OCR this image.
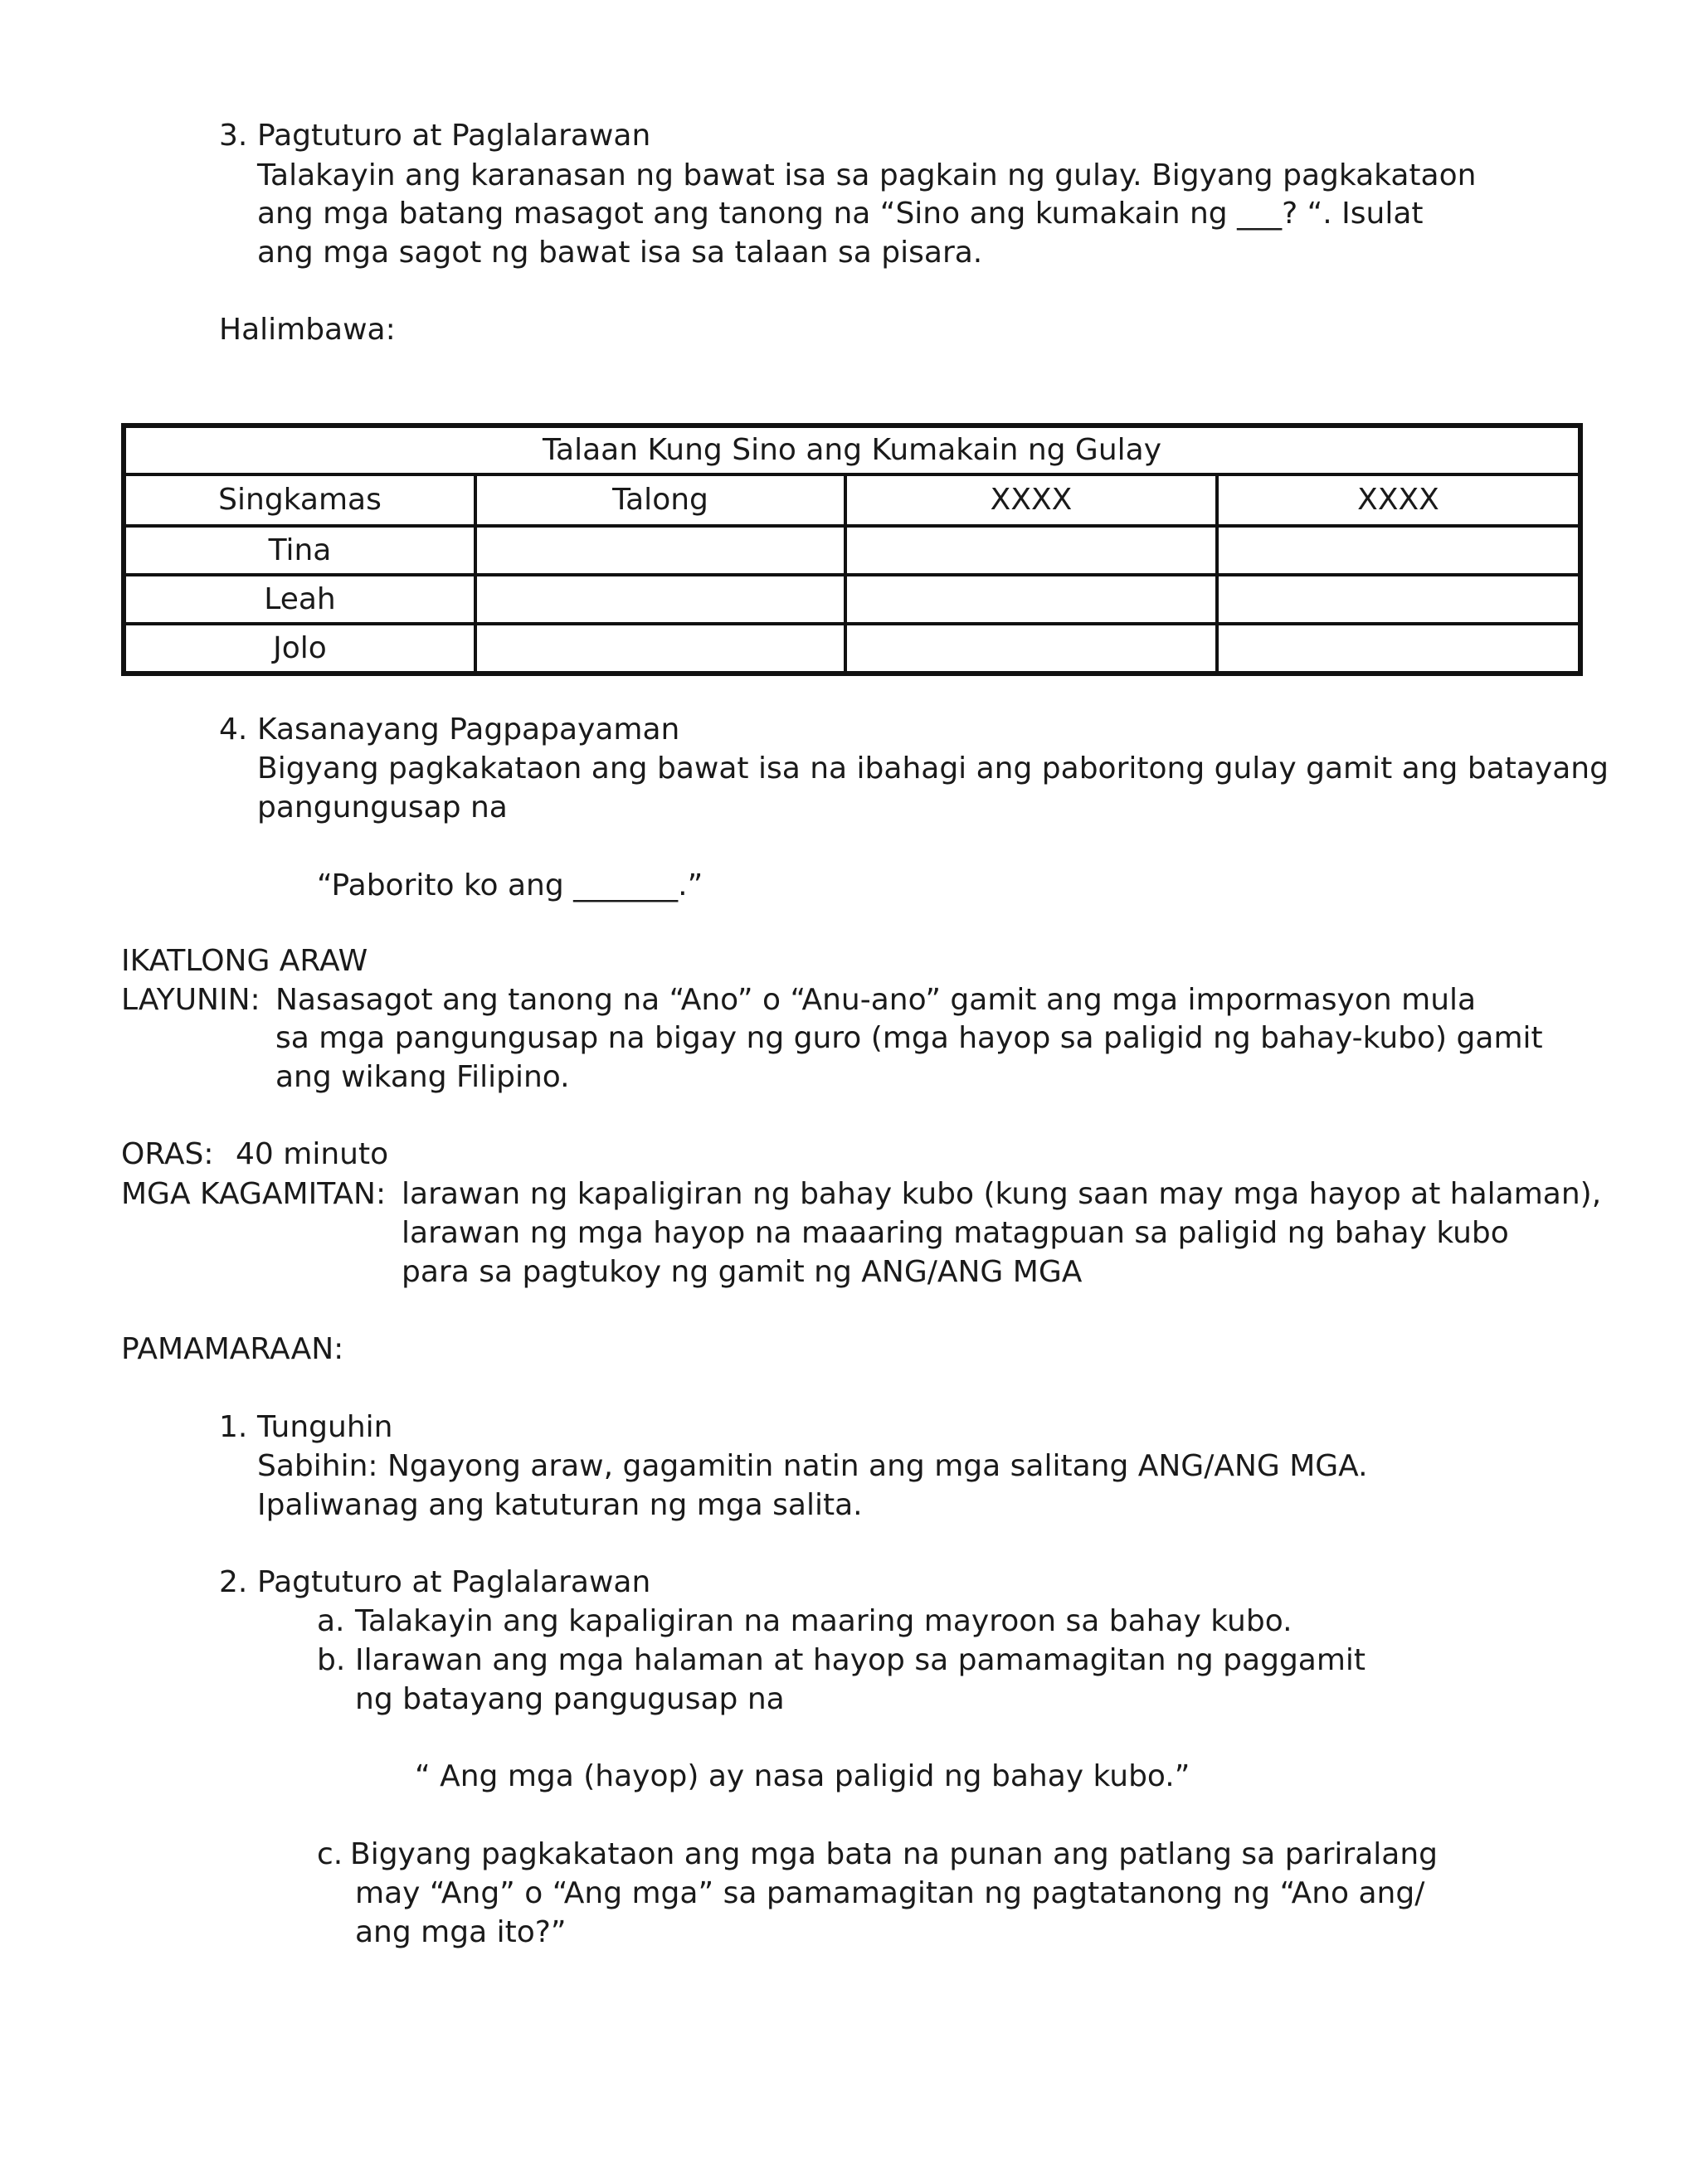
3. Pagtuturo at Paglalarawan
Talakayin ang karanasan ng bawat isa sa pagkain ng gulay. Bigyang pagkakataon
ang mga batang masagot ang tanong na “Sino ang kumakain ng ___? “. Isulat
ang mga sagot ng bawat isa sa talaan sa pisara.
Halimbawa:
Talaan Kung Sino ang Kumakain ng Gulay			
Singkamas	Talong	XXXX	XXXX
Tina			
Leah			
Jolo			
4. Kasanayang Pagpapayaman
Bigyang pagkakataon ang bawat isa na ibahagi ang paboritong gulay gamit ang batayang
pangungusap na
“Paborito ko ang _______.”
IKATLONG ARAW
LAYUNIN: Nasasagot ang tanong na “Ano” o “Anu-ano” gamit ang mga impormasyon mula
sa mga pangungusap na bigay ng guro (mga hayop sa paligid ng bahay-kubo) gamit
ang wikang Filipino.
ORAS: 40 minuto
MGA KAGAMITAN: larawan ng kapaligiran ng bahay kubo (kung saan may mga hayop at halaman),
larawan ng mga hayop na maaaring matagpuan sa paligid ng bahay kubo
para sa pagtukoy ng gamit ng ANG/ANG MGA
PAMAMARAAN:
1. Tunguhin
Sabihin: Ngayong araw, gagamitin natin ang mga salitang ANG/ANG MGA.
Ipaliwanag ang katuturan ng mga salita.
2. Pagtuturo at Paglalarawan
a. Talakayin ang kapaligiran na maaring mayroon sa bahay kubo.
b. Ilarawan ang mga halaman at hayop sa pamamagitan ng paggamit
ng batayang pangugusap na
“ Ang mga (hayop) ay nasa paligid ng bahay kubo.”
c. Bigyang pagkakataon ang mga bata na punan ang patlang sa pariralang
may “Ang” o “Ang mga” sa pamamagitan ng pagtatanong ng “Ano ang/
ang mga ito?”
